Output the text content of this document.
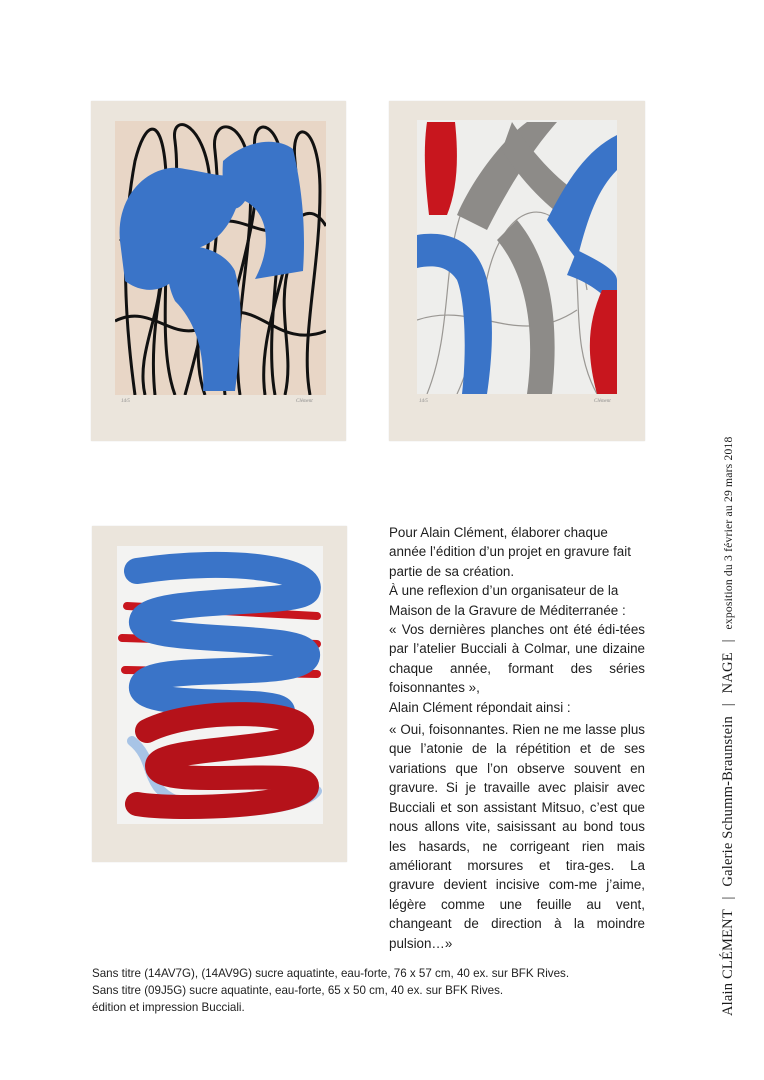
14/5	Clément	14/5	Clément

Pour Alain Clément, élaborer chaque année l’édition d’un projet en gravure fait partie de sa création.

À une reflexion d’un organisateur de la Maison de la Gravure de Méditerranée :

« Vos dernières planches ont été édi-tées par l’atelier Bucciali à Colmar, une dizaine chaque année, formant des séries foisonnantes »,

Alain Clément répondait ainsi :

« Oui, foisonnantes. Rien ne me lasse plus que l’atonie de la répétition et de ses variations que l’on observe souvent en gravure. Si je travaille avec plaisir avec Bucciali et son assistant Mitsuo, c’est que nous allons vite, saisissant au bond tous les hasards, ne corrigeant rien mais améliorant morsures et tira-ges. La gravure devient incisive com-me j’aime, légère comme une feuille au vent, changeant de direction à la moindre pulsion…»

Sans titre (14AV7G), (14AV9G) sucre aquatinte, eau-forte, 76 x 57 cm, 40 ex. sur BFK Rives.
Sans titre (09J5G) sucre aquatinte, eau-forte, 65 x 50 cm, 40 ex. sur BFK Rives.
édition et impression Bucciali.	Alain CLÉMENT | Galerie Schumm-Braunstein | NAGE | exposition du 3 février au 29 mars 2018
